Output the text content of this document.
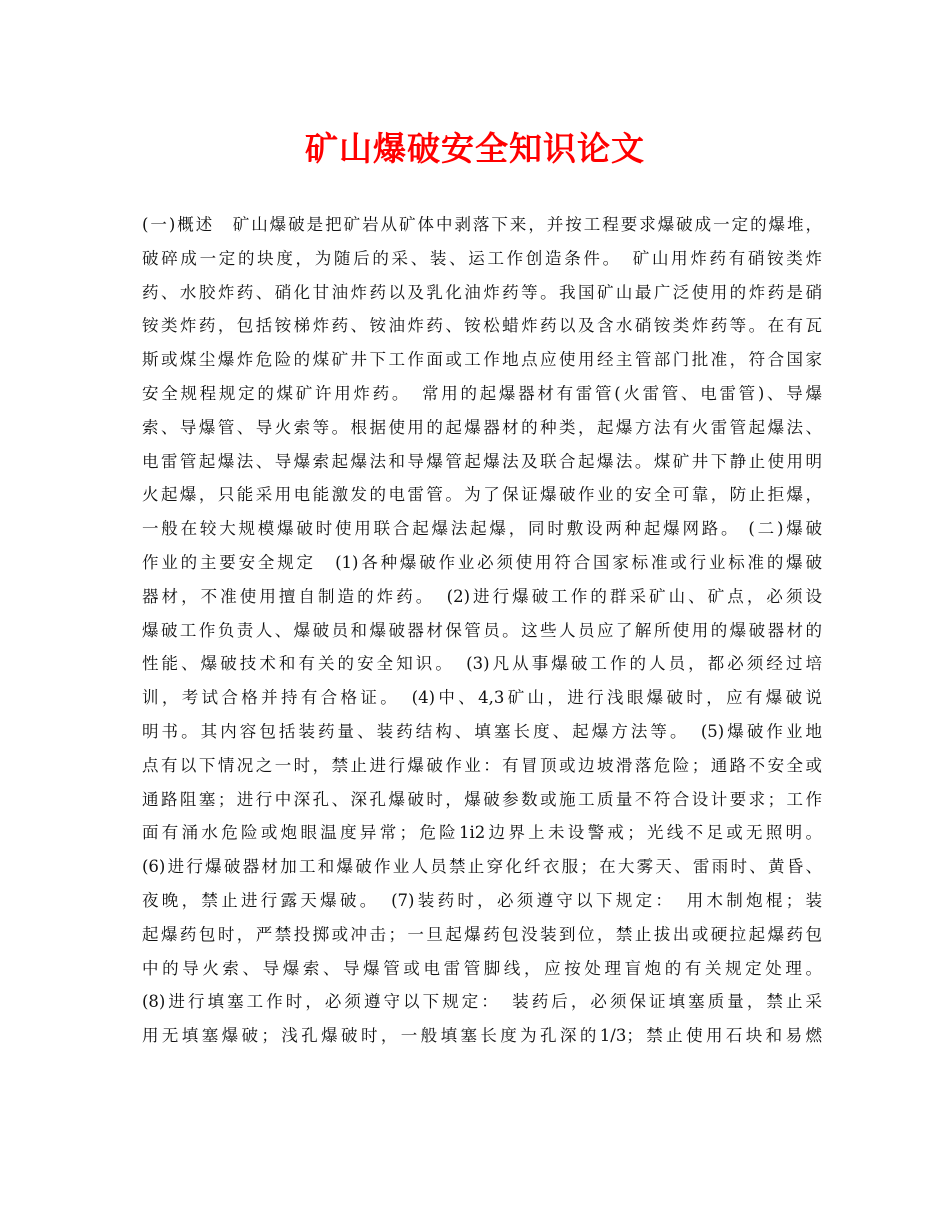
矿山爆破安全知识论文
(一)概述　矿山爆破是把矿岩从矿体中剥落下来，并按工程要求爆破成一定的爆堆，
破碎成一定的块度，为随后的采、装、运工作创造条件。　矿山用炸药有硝铵类炸
药、水胶炸药、硝化甘油炸药以及乳化油炸药等。我国矿山最广泛使用的炸药是硝
铵类炸药，包括铵梯炸药、铵油炸药、铵松蜡炸药以及含水硝铵类炸药等。在有瓦
斯或煤尘爆炸危险的煤矿井下工作面或工作地点应使用经主管部门批准，符合国家
安全规程规定的煤矿许用炸药。　常用的起爆器材有雷管(火雷管、电雷管)、导爆
索、导爆管、导火索等。根据使用的起爆器材的种类，起爆方法有火雷管起爆法、
电雷管起爆法、导爆索起爆法和导爆管起爆法及联合起爆法。煤矿井下静止使用明
火起爆，只能采用电能激发的电雷管。为了保证爆破作业的安全可靠，防止拒爆，
一般在较大规模爆破时使用联合起爆法起爆，同时敷设两种起爆网路。 (二)爆破
作业的主要安全规定　(1)各种爆破作业必须使用符合国家标准或行业标准的爆破
器材，不准使用擅自制造的炸药。　(2)进行爆破工作的群采矿山、矿点，必须设
爆破工作负责人、爆破员和爆破器材保管员。这些人员应了解所使用的爆破器材的
性能、爆破技术和有关的安全知识。　(3)凡从事爆破工作的人员，都必须经过培
训，考试合格并持有合格证。　(4)中、4,3矿山，进行浅眼爆破时，应有爆破说
明书。其内容包括装药量、装药结构、填塞长度、起爆方法等。　(5)爆破作业地
点有以下情况之一时，禁止进行爆破作业：有冒顶或边坡滑落危险；通路不安全或
通路阻塞；进行中深孔、深孔爆破时，爆破参数或施工质量不符合设计要求；工作
面有涌水危险或炮眼温度异常；危险1i2边界上未设警戒；光线不足或无照明。
(6)进行爆破器材加工和爆破作业人员禁止穿化纤衣服；在大雾天、雷雨时、黄昏、
夜晚，禁止进行露天爆破。　(7)装药时，必须遵守以下规定：　用木制炮棍；装
起爆药包时，严禁投掷或冲击；一旦起爆药包没装到位，禁止拔出或硬拉起爆药包
中的导火索、导爆索、导爆管或电雷管脚线，应按处理盲炮的有关规定处理。
(8)进行填塞工作时，必须遵守以下规定：　装药后，必须保证填塞质量，禁止采
用无填塞爆破；浅孔爆破时，一般填塞长度为孔深的1/3；禁止使用石块和易燃
